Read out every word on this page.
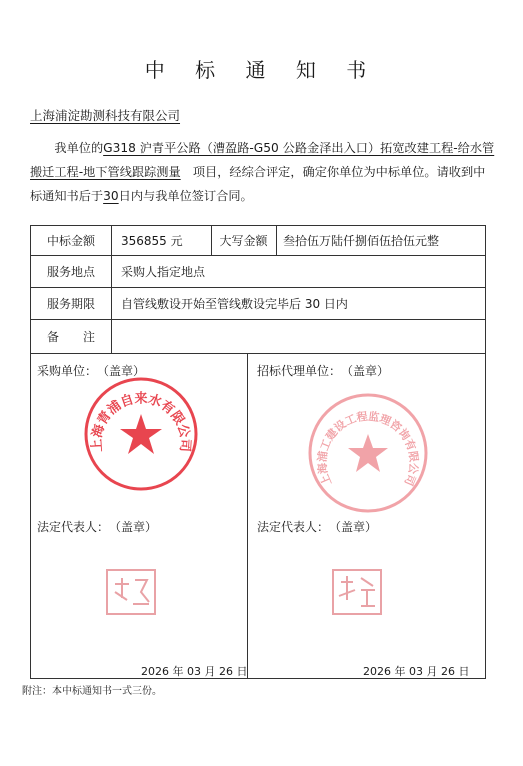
中 标 通 知 书
上海浦淀勘测科技有限公司
我单位的G318 沪青平公路（漕盈路-G50 公路金泽出入口）拓宽改建工程-给水管搬迁工程-地下管线跟踪测量　 项目，经综合评定，确定你单位为中标单位。请收到中标通知书后于30日内与我单位签订合同。
中标金额	356855 元	大写金额	叁拾伍万陆仟捌佰伍拾伍元整
服务地点	采购人指定地点
服务期限	自管线敷设开始至管线敷设完毕后 30 日内
备　　注
采购单位：　（盖章）	招标代理单位：　（盖章）
上海青浦自来水有限公司
上海浦工建设工程监理咨询有限公司
法定代表人：　（盖章）	法定代表人：　（盖章）
2026 年 03 月 26 日	2026 年 03 月 26 日
附注：本中标通知书一式三份。
